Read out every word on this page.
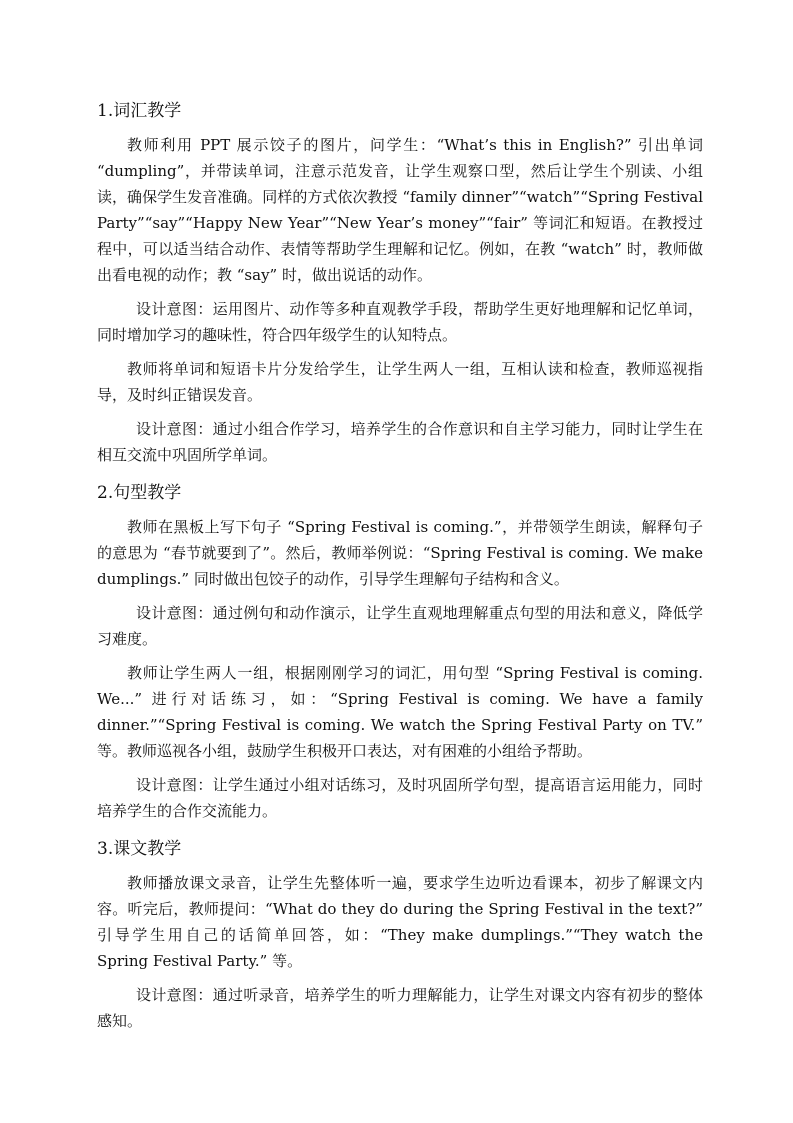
1.词汇教学

教师利用 PPT 展示饺子的图片，问学生：“What’s this in English?” 引出单词 “dumpling”，并带读单词，注意示范发音，让学生观察口型，然后让学生个别读、小组读，确保学生发音准确。同样的方式依次教授 “family dinner”“watch”“Spring Festival Party”“say”“Happy New Year”“New Year’s money”“fair” 等词汇和短语。在教授过程中，可以适当结合动作、表情等帮助学生理解和记忆。例如，在教 “watch” 时，教师做出看电视的动作；教 “say” 时，做出说话的动作。

设计意图：运用图片、动作等多种直观教学手段，帮助学生更好地理解和记忆单词，同时增加学习的趣味性，符合四年级学生的认知特点。

教师将单词和短语卡片分发给学生，让学生两人一组，互相认读和检查，教师巡视指导，及时纠正错误发音。

设计意图：通过小组合作学习，培养学生的合作意识和自主学习能力，同时让学生在相互交流中巩固所学单词。

2.句型教学

教师在黑板上写下句子 “Spring Festival is coming.”，并带领学生朗读，解释句子的意思为 “春节就要到了”。然后，教师举例说：“Spring Festival is coming. We make dumplings.” 同时做出包饺子的动作，引导学生理解句子结构和含义。

设计意图：通过例句和动作演示，让学生直观地理解重点句型的用法和意义，降低学习难度。

教师让学生两人一组，根据刚刚学习的词汇，用句型 “Spring Festival is coming. We...” 进行对话练习，如：“Spring Festival is coming. We have a family dinner.”“Spring Festival is coming. We watch the Spring Festival Party on TV.” 等。教师巡视各小组，鼓励学生积极开口表达，对有困难的小组给予帮助。

设计意图：让学生通过小组对话练习，及时巩固所学句型，提高语言运用能力，同时培养学生的合作交流能力。

3.课文教学

教师播放课文录音，让学生先整体听一遍，要求学生边听边看课本，初步了解课文内容。听完后，教师提问：“What do they do during the Spring Festival in the text?” 引导学生用自己的话简单回答，如：“They make dumplings.”“They watch the Spring Festival Party.” 等。

设计意图：通过听录音，培养学生的听力理解能力，让学生对课文内容有初步的整体感知。
